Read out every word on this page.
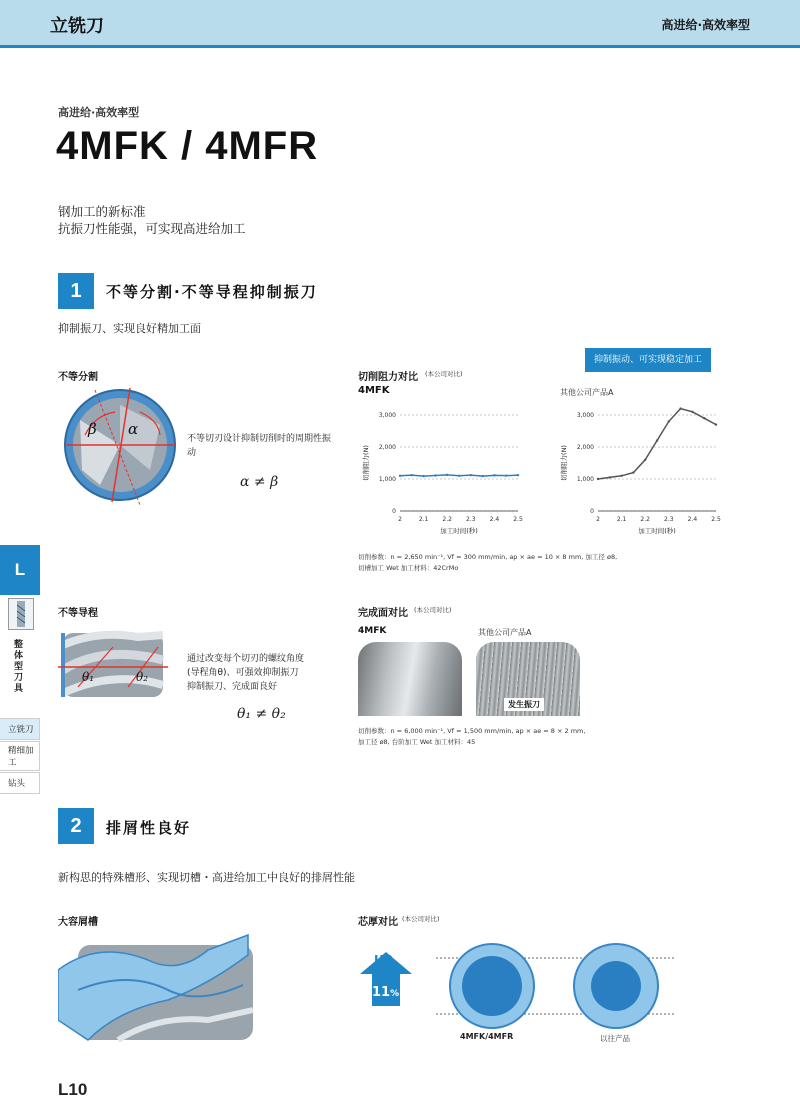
立铣刀	高进给·高效率型
高进给·高效率型
4MFK / 4MFR
钢加工的新标准
抗振刀性能强，可实现高进给加工
1	不等分割·不等导程抑制振刀
抑制振刀、实现良好精加工面
不等分割
α
β
不等切刃设计抑制切削时的周期性振动
α ≠ β
切削阻力对比 (本公司对比)
抑制振动、可实现稳定加工
4MFK	其他公司产品A
0
1,000
2,000
3,000
2	2.1 2.2 2.3 2.4 2.5
加工时间(秒)
切削阻力(N)
0
1,000
2,000
3,000
2	2.1 2.2 2.3 2.4 2.5
加工时间(秒)
切削阻力(N)
切削参数：n = 2,650 min⁻¹, Vf = 300 mm/min, ap × ae = 10 × 8 mm, 加工径 ø8,
切槽加工 Wet 加工材料：42CrMo
L
整体型刀具
立铣刀
精细加工
钻头
不等导程
θ₁	θ₂
通过改变每个切刃的螺纹角度
(导程角θ)、可强效抑制振刀
抑制振刀、完成面良好
θ₁ ≠ θ₂
完成面对比 (本公司对比)
4MFK	其他公司产品A
发生振刀
切削参数：n = 6,000 min⁻¹, Vf = 1,500 mm/min, ap × ae = 8 × 2 mm,
加工径 ø8, 台阶加工 Wet 加工材料：45
2	排屑性良好
新构思的特殊槽形、实现切槽・高进给加工中良好的排屑性能
大容屑槽	芯厚对比 (本公司对比)
UP
11%
4MFK/4MFR	以往产品
L10
